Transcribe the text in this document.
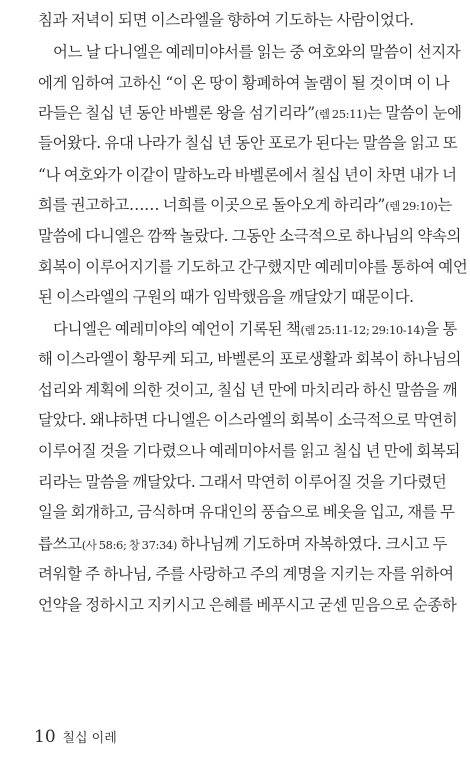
침과 저녁이 되면 이스라엘을 향하여 기도하는 사람이었다.
어느 날 다니엘은 예레미야서를 읽는 중 여호와의 말씀이 선지자
에게 임하여 고하신 “이 온 땅이 황폐하여 놀램이 될 것이며 이 나
라들은 칠십 년 동안 바벨론 왕을 섬기리라”(렘 25:11)는 말씀이 눈에
들어왔다. 유대 나라가 칠십 년 동안 포로가 된다는 말씀을 읽고 또
“나 여호와가 이같이 말하노라 바벨론에서 칠십 년이 차면 내가 너
희를 권고하고…… 너희를 이곳으로 돌아오게 하리라”(렘 29:10)는
말씀에 다니엘은 깜짝 놀랐다. 그동안 소극적으로 하나님의 약속의
회복이 이루어지기를 기도하고 간구했지만 예레미야를 통하여 예언
된 이스라엘의 구원의 때가 임박했음을 깨달았기 때문이다.
다니엘은 예레미야의 예언이 기록된 책(렘 25:11-12; 29:10-14)을 통
해 이스라엘이 황무케 되고, 바벨론의 포로생활과 회복이 하나님의
섭리와 계획에 의한 것이고, 칠십 년 만에 마치리라 하신 말씀을 깨
달았다. 왜냐하면 다니엘은 이스라엘의 회복이 소극적으로 막연히
이루어질 것을 기다렸으나 예레미야서를 읽고 칠십 년 만에 회복되
리라는 말씀을 깨달았다. 그래서 막연히 이루어질 것을 기다렸던
일을 회개하고, 금식하며 유대인의 풍습으로 베옷을 입고, 재를 무
릅쓰고(사 58:6; 창 37:34) 하나님께 기도하며 자복하였다. 크시고 두
려워할 주 하나님, 주를 사랑하고 주의 계명을 지키는 자를 위하여
언약을 정하시고 지키시고 은혜를 베푸시고 굳센 믿음으로 순종하
10 칠십 이레
